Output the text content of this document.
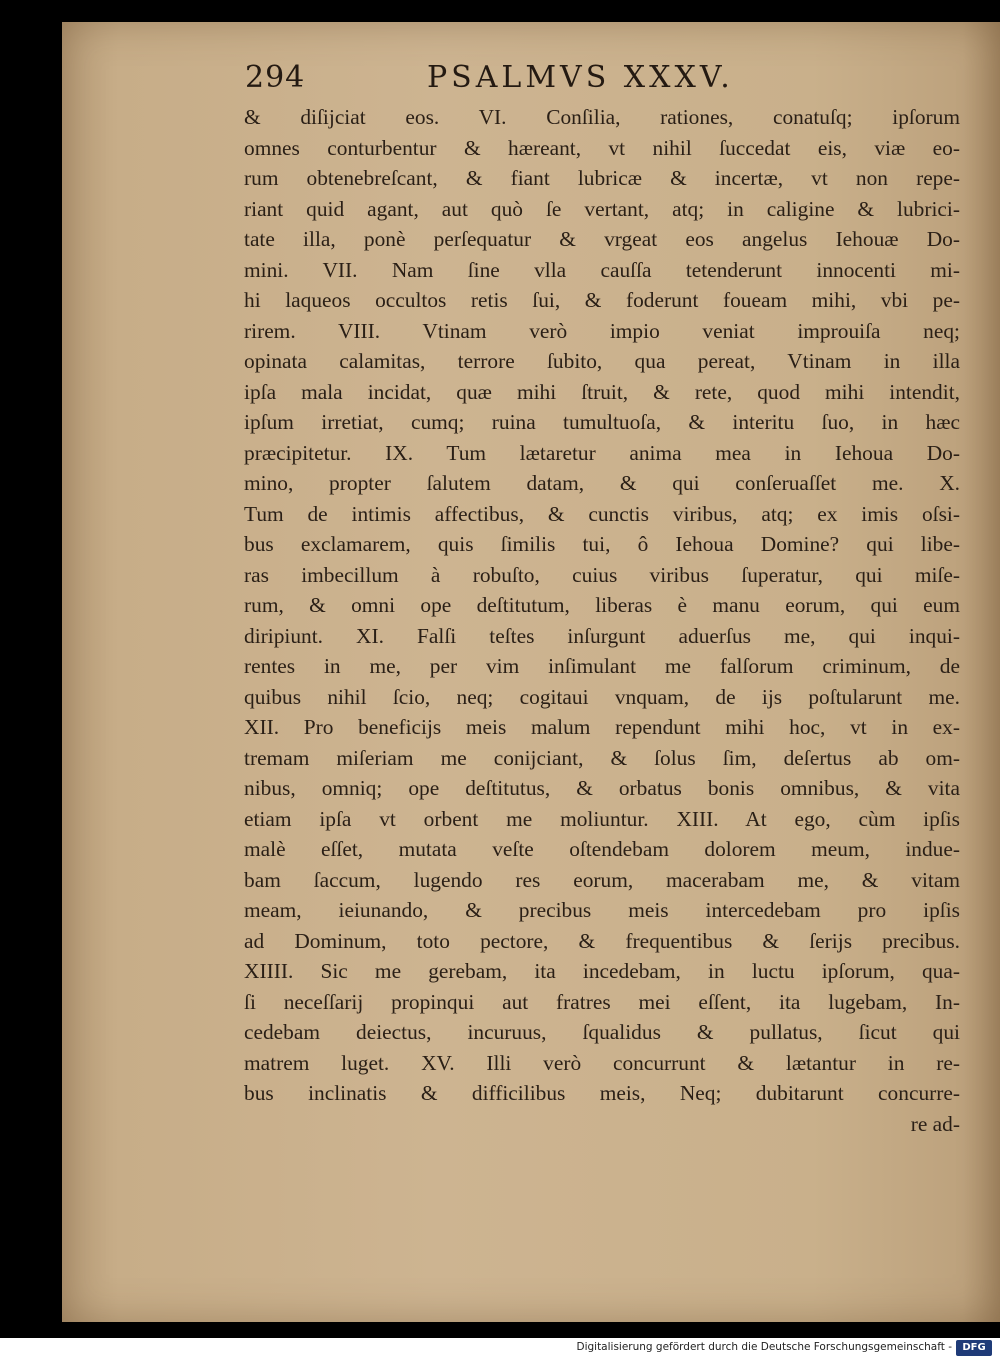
294	PSALMVS XXXV.
& diſijciat eos. VI. Conſilia, rationes, conatuſq; ipſorum
omnes conturbentur & hæreant, vt nihil ſuccedat eis, viæ eo-
rum obtenebreſcant, & fiant lubricæ & incertæ, vt non repe-
riant quid agant, aut quò ſe vertant, atq; in caligine & lubrici-
tate illa, ponè perſequatur & vrgeat eos angelus Iehouæ Do-
mini. VII. Nam ſine vlla cauſſa tetenderunt innocenti mi-
hi laqueos occultos retis ſui, & foderunt foueam mihi, vbi pe-
rirem. VIII. Vtinam verò impio veniat improuiſa neq;
opinata calamitas, terrore ſubito, qua pereat, Vtinam in illa
ipſa mala incidat, quæ mihi ſtruit, & rete, quod mihi intendit,
ipſum irretiat, cumq; ruina tumultuoſa, & interitu ſuo, in hæc
præcipitetur. IX. Tum lætaretur anima mea in Iehoua Do-
mino, propter ſalutem datam, & qui conſeruaſſet me. X.
Tum de intimis affectibus, & cunctis viribus, atq; ex imis oſsi-
bus exclamarem, quis ſimilis tui, ô Iehoua Domine? qui libe-
ras imbecillum à robuſto, cuius viribus ſuperatur, qui miſe-
rum, & omni ope deſtitutum, liberas è manu eorum, qui eum
diripiunt. XI. Falſi teſtes inſurgunt aduerſus me, qui inqui-
rentes in me, per vim inſimulant me falſorum criminum, de
quibus nihil ſcio, neq; cogitaui vnquam, de ijs poſtularunt me.
XII. Pro beneficijs meis malum rependunt mihi hoc, vt in ex-
tremam miſeriam me conijciant, & ſolus ſim, deſertus ab om-
nibus, omniq; ope deſtitutus, & orbatus bonis omnibus, & vita
etiam ipſa vt orbent me moliuntur. XIII. At ego, cùm ipſis
malè eſſet, mutata veſte oſtendebam dolorem meum, indue-
bam ſaccum, lugendo res eorum, macerabam me, & vitam
meam, ieiunando, & precibus meis intercedebam pro ipſis
ad Dominum, toto pectore, & frequentibus & ſerijs precibus.
XIIII. Sic me gerebam, ita incedebam, in luctu ipſorum, qua-
ſi neceſſarij propinqui aut fratres mei eſſent, ita lugebam, In-
cedebam deiectus, incuruus, ſqualidus & pullatus, ſicut qui
matrem luget. XV. Illi verò concurrunt & lætantur in re-
bus inclinatis & difficilibus meis, Neq; dubitarunt concurre-
re ad-
Digitalisierung gefördert durch die Deutsche Forschungsgemeinschaft -	DFG
